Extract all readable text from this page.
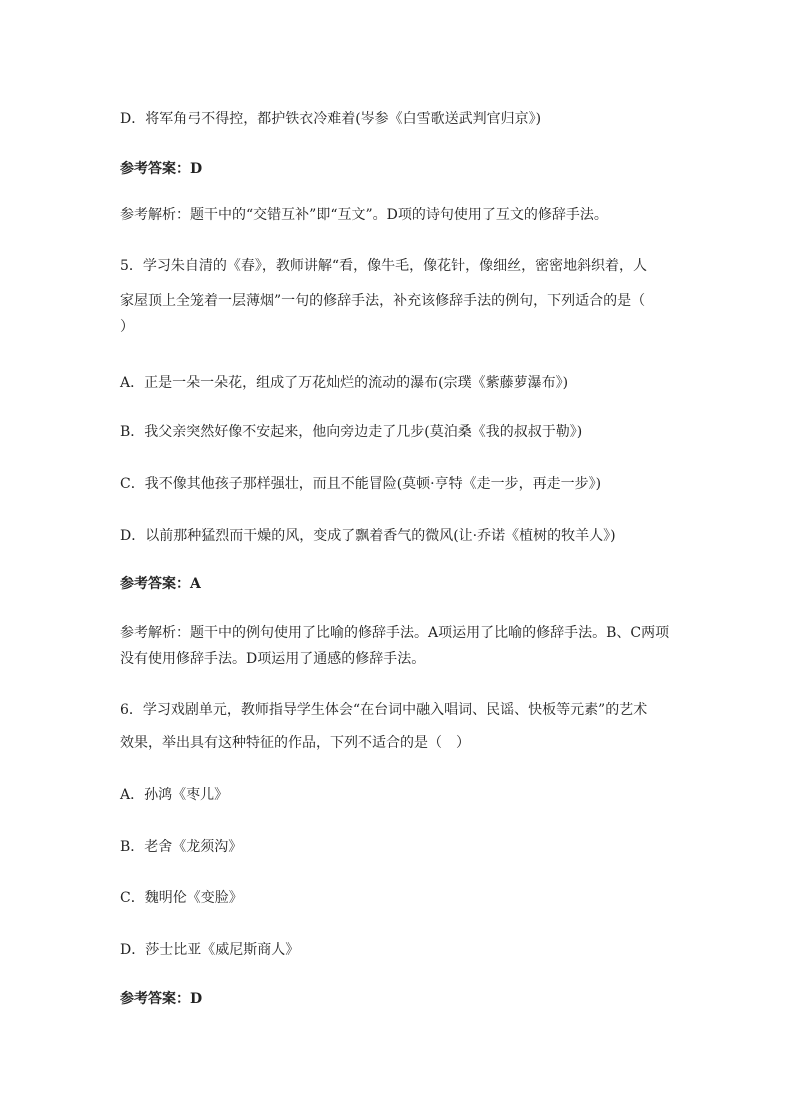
D．将军角弓不得控，都护铁衣冷难着(岑参《白雪歌送武判官归京》)
参考答案：D
参考解析：题干中的“交错互补”即“互文”。D项的诗句使用了互文的修辞手法。
5．学习朱自清的《春》，教师讲解“看，像牛毛，像花针，像细丝，密密地斜织着，人
家屋顶上全笼着一层薄烟”一句的修辞手法，补充该修辞手法的例句，下列适合的是（
）
A．正是一朵一朵花，组成了万花灿烂的流动的瀑布(宗璞《紫藤萝瀑布》)
B．我父亲突然好像不安起来，他向旁边走了几步(莫泊桑《我的叔叔于勒》)
C．我不像其他孩子那样强壮，而且不能冒险(莫顿·亨特《走一步，再走一步》)
D．以前那种猛烈而干燥的风，变成了飘着香气的微风(让·乔诺《植树的牧羊人》)
参考答案：A
参考解析：题干中的例句使用了比喻的修辞手法。A项运用了比喻的修辞手法。B、C两项
没有使用修辞手法。D项运用了通感的修辞手法。
6．学习戏剧单元，教师指导学生体会“在台词中融入唱词、民谣、快板等元素”的艺术
效果，举出具有这种特征的作品，下列不适合的是（　）
A．孙鸿《枣儿》
B．老舍《龙须沟》
C．魏明伦《变脸》
D．莎士比亚《威尼斯商人》
参考答案：D
